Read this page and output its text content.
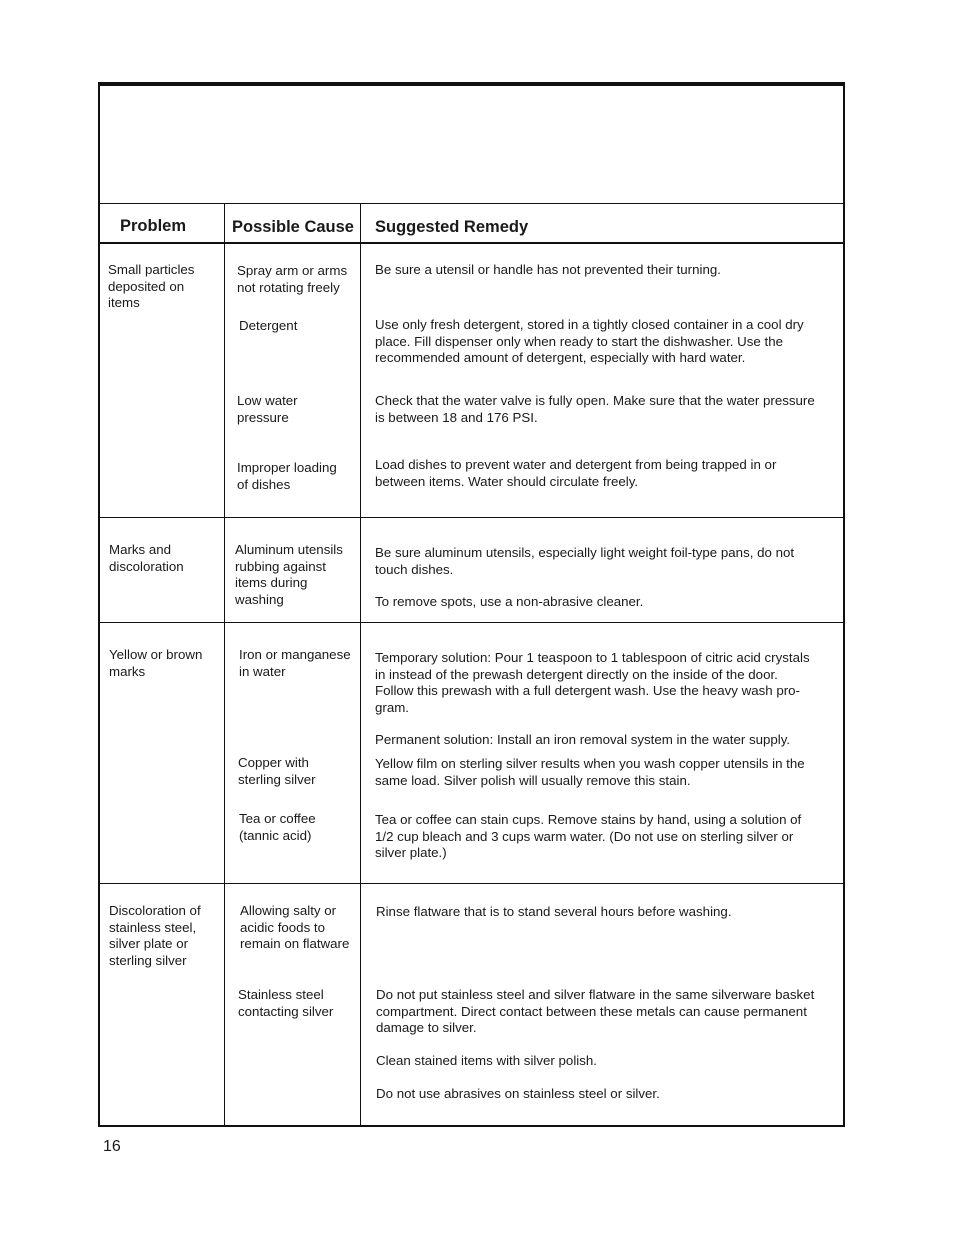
Problem	Possible Cause Suggested Remedy
Small particles
deposited on
items
Spray arm or arms
not rotating freely
Be sure a utensil or handle has not prevented their turning.
Detergent	Use only fresh detergent, stored in a tightly closed container in a cool dry
place. Fill dispenser only when ready to start the dishwasher. Use the
recommended amount of detergent, especially with hard water.
Low water
pressure
Check that the water valve is fully open. Make sure that the water pressure
is between 18 and 176 PSI.
Improper loading
of dishes
Load dishes to prevent water and detergent from being trapped in or
between items. Water should circulate freely.
Marks and
discoloration
Aluminum utensils
rubbing against
items during
washing
Be sure aluminum utensils, especially light weight foil-type pans, do not
touch dishes.
To remove spots, use a non-abrasive cleaner.
Yellow or brown
marks
Iron or manganese
in water
Temporary solution: Pour 1 teaspoon to 1 tablespoon of citric acid crystals
in instead of the prewash detergent directly on the inside of the door.
Follow this prewash with a full detergent wash. Use the heavy wash pro-
gram.
Permanent solution: Install an iron removal system in the water supply.
Copper with
sterling silver
Yellow film on sterling silver results when you wash copper utensils in the
same load. Silver polish will usually remove this stain.
Tea or coffee
(tannic acid)
Tea or coffee can stain cups. Remove stains by hand, using a solution of
1/2 cup bleach and 3 cups warm water. (Do not use on sterling silver or
silver plate.)
Discoloration of
stainless steel,
silver plate or
sterling silver
Allowing salty or
acidic foods to
remain on flatware
Rinse flatware that is to stand several hours before washing.
Stainless steel
contacting silver
Do not put stainless steel and silver flatware in the same silverware basket
compartment. Direct contact between these metals can cause permanent
damage to silver.
Clean stained items with silver polish.
Do not use abrasives on stainless steel or silver.
16
